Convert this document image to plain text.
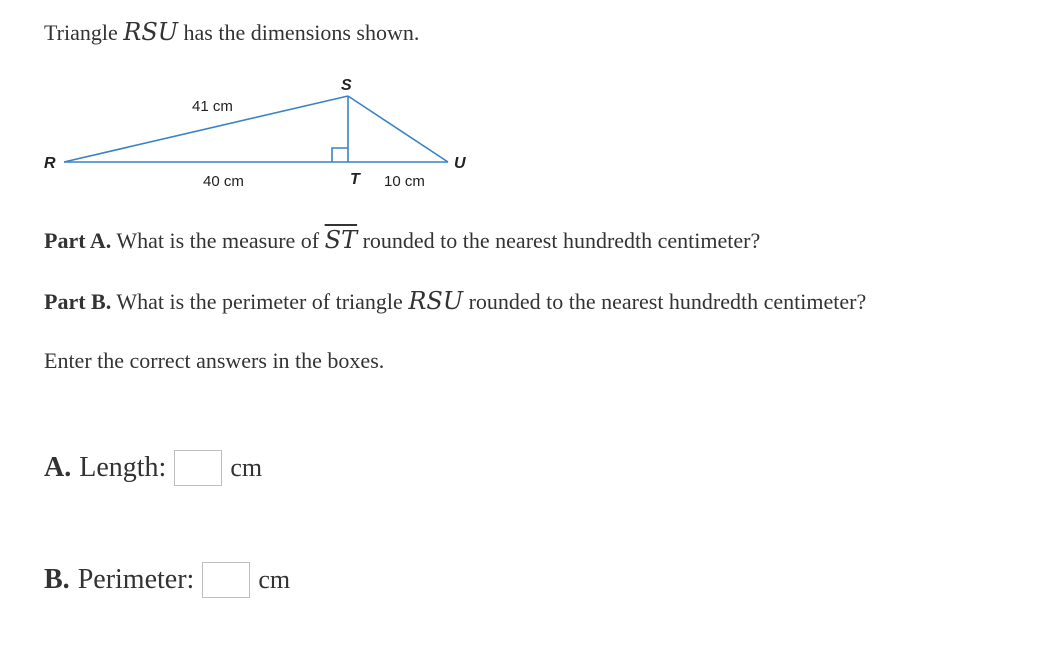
Triangle RSU has the dimensions shown.
S
R	U
T
41 cm
40 cm	10 cm
Part A. What is the measure of $\overline{ST}$ rounded to the nearest hundredth centimeter?
Part B. What is the perimeter of triangle RSU rounded to the nearest hundredth centimeter?
Enter the correct answers in the boxes.
A. Length: cm
B. Perimeter: cm
